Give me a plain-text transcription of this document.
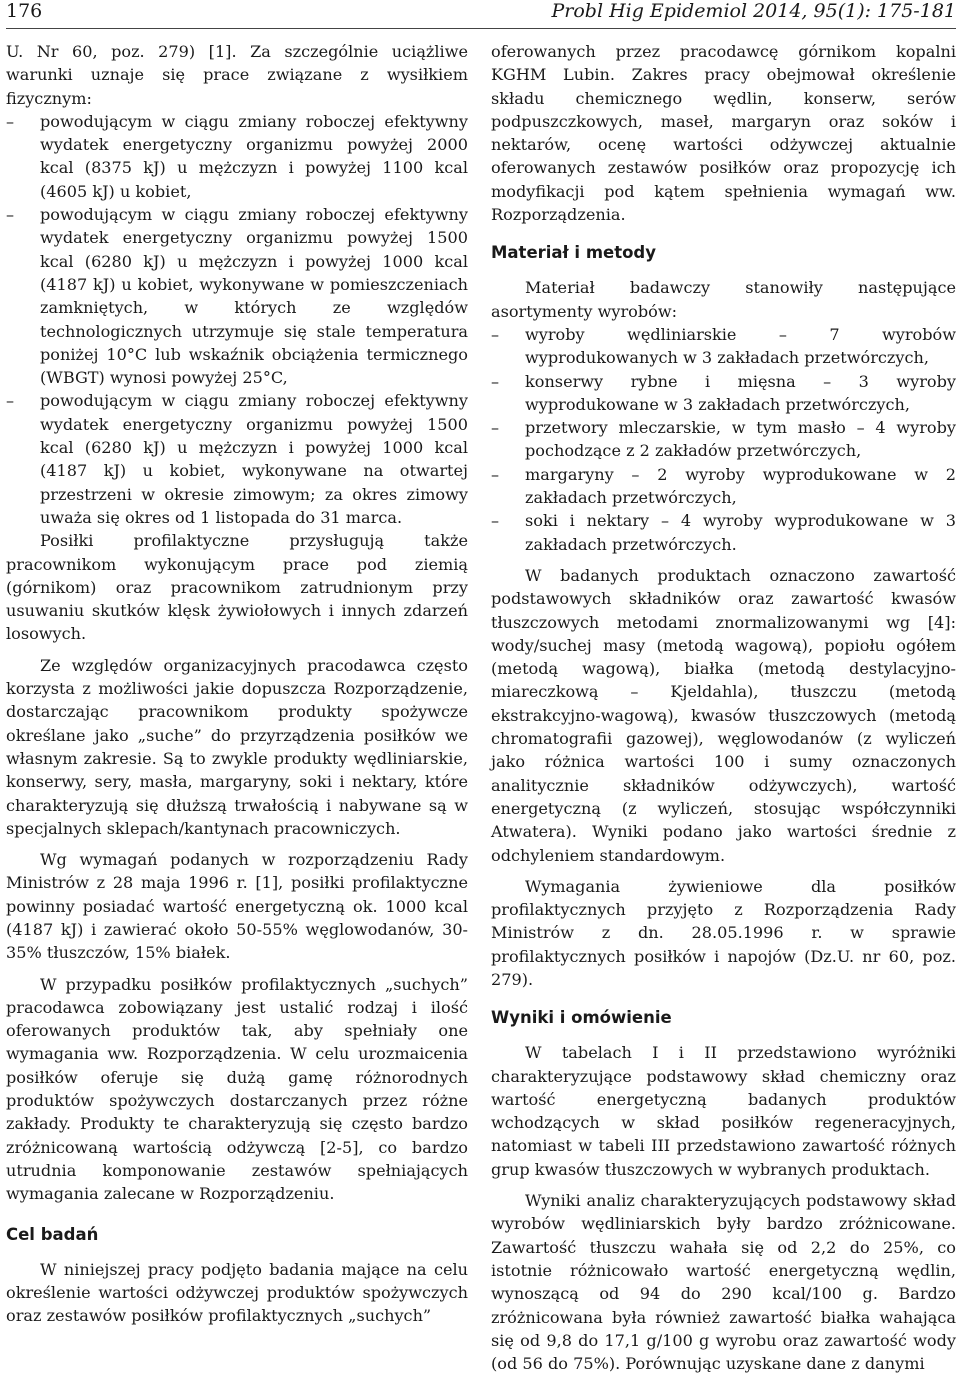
176	Probl Hig Epidemiol 2014, 95(1): 175-181

U. Nr 60, poz. 279) [1]. Za szczególnie uciążliwe warunki uznaje się prace związane z wysiłkiem fizycznym:

–	powodującym w ciągu zmiany roboczej efektywny wydatek energetyczny organizmu powyżej 2000 kcal (8375 kJ) u mężczyzn i powyżej 1100 kcal (4605 kJ) u kobiet,
–	powodującym w ciągu zmiany roboczej efektywny wydatek energetyczny organizmu powyżej 1500 kcal (6280 kJ) u mężczyzn i powyżej 1000 kcal (4187 kJ) u kobiet, wykonywane w pomieszczeniach zamkniętych, w których ze względów technologicznych utrzymuje się stale temperatura poniżej 10°C lub wskaźnik obciążenia termicznego (WBGT) wynosi powyżej 25°C,
–	powodującym w ciągu zmiany roboczej efektywny wydatek energetyczny organizmu powyżej 1500 kcal (6280 kJ) u mężczyzn i powyżej 1000 kcal (4187 kJ) u kobiet, wykonywane na otwartej przestrzeni w okresie zimowym; za okres zimowy uważa się okres od 1 listopada do 31 marca.

Posiłki profilaktyczne przysługują także pracownikom wykonującym prace pod ziemią (górnikom) oraz pracownikom zatrudnionym przy usuwaniu skutków klęsk żywiołowych i innych zdarzeń losowych.

Ze względów organizacyjnych pracodawca często korzysta z możliwości jakie dopuszcza Rozporządzenie, dostarczając pracownikom produkty spożywcze określane jako „suche” do przyrządzenia posiłków we własnym zakresie. Są to zwykle produkty wędliniarskie, konserwy, sery, masła, margaryny, soki i nektary, które charakteryzują się dłuższą trwałością i nabywane są w specjalnych sklepach/kantynach pracowniczych.

Wg wymagań podanych w rozporządzeniu Rady Ministrów z 28 maja 1996 r. [1], posiłki profilaktyczne powinny posiadać wartość energetyczną ok. 1000 kcal (4187 kJ) i zawierać około 50-55% węglowodanów, 30-35% tłuszczów, 15% białek.

W przypadku posiłków profilaktycznych „suchych” pracodawca zobowiązany jest ustalić rodzaj i ilość oferowanych produktów tak, aby spełniały one wymagania ww. Rozporządzenia. W celu urozmaicenia posiłków oferuje się dużą gamę różnorodnych produktów spożywczych dostarczanych przez różne zakłady. Produkty te charakteryzują się często bardzo zróżnicowaną wartością odżywczą [2-5], co bardzo utrudnia komponowanie zestawów spełniających wymagania zalecane w Rozporządzeniu.

Cel badań

W niniejszej pracy podjęto badania mające na celu określenie wartości odżywczej produktów spożywczych oraz zestawów posiłków profilaktycznych „suchych”

oferowanych przez pracodawcę górnikom kopalni KGHM Lubin. Zakres pracy obejmował określenie składu chemicznego wędlin, konserw, serów podpuszczkowych, maseł, margaryn oraz soków i nektarów, ocenę wartości odżywczej aktualnie oferowanych zestawów posiłków oraz propozycję ich modyfikacji pod kątem spełnienia wymagań ww. Rozporządzenia.

Materiał i metody

Materiał badawczy stanowiły następujące asortymenty wyrobów:

–	wyroby wędliniarskie – 7 wyrobów wyprodukowanych w 3 zakładach przetwórczych,
–	konserwy rybne i mięsna – 3 wyroby wyprodukowane w 3 zakładach przetwórczych,
–	przetwory mleczarskie, w tym masło – 4 wyroby pochodzące z 2 zakładów przetwórczych,
–	margaryny – 2 wyroby wyprodukowane w 2 zakładach przetwórczych,
–	soki i nektary – 4 wyroby wyprodukowane w 3 zakładach przetwórczych.

W badanych produktach oznaczono zawartość podstawowych składników oraz zawartość kwasów tłuszczowych metodami znormalizowanymi wg [4]: wody/suchej masy (metodą wagową), popiołu ogółem (metodą wagową), białka (metodą destylacyjno-miareczkową – Kjeldahla), tłuszczu (metodą ekstrakcyjno-wagową), kwasów tłuszczowych (metodą chromatografii gazowej), węglowodanów (z wyliczeń jako różnica wartości 100 i sumy oznaczonych analitycznie składników odżywczych), wartość energetyczną (z wyliczeń, stosując współczynniki Atwatera). Wyniki podano jako wartości średnie z odchyleniem standardowym.

Wymagania żywieniowe dla posiłków profilaktycznych przyjęto z Rozporządzenia Rady Ministrów z dn. 28.05.1996 r. w sprawie profilaktycznych posiłków i napojów (Dz.U. nr 60, poz. 279).

Wyniki i omówienie

W tabelach I i II przedstawiono wyróżniki charakteryzujące podstawowy skład chemiczny oraz wartość energetyczną badanych produktów wchodzących w skład posiłków regeneracyjnych, natomiast w tabeli III przedstawiono zawartość różnych grup kwasów tłuszczowych w wybranych produktach.

Wyniki analiz charakteryzujących podstawowy skład wyrobów wędliniarskich były bardzo zróżnicowane. Zawartość tłuszczu wahała się od 2,2 do 25%, co istotnie różnicowało wartość energetyczną wędlin, wynoszącą od 94 do 290 kcal/100 g. Bardzo zróżnicowana była również zawartość białka wahająca się od 9,8 do 17,1 g/100 g wyrobu oraz zawartość wody (od 56 do 75%). Porównując uzyskane dane z danymi
